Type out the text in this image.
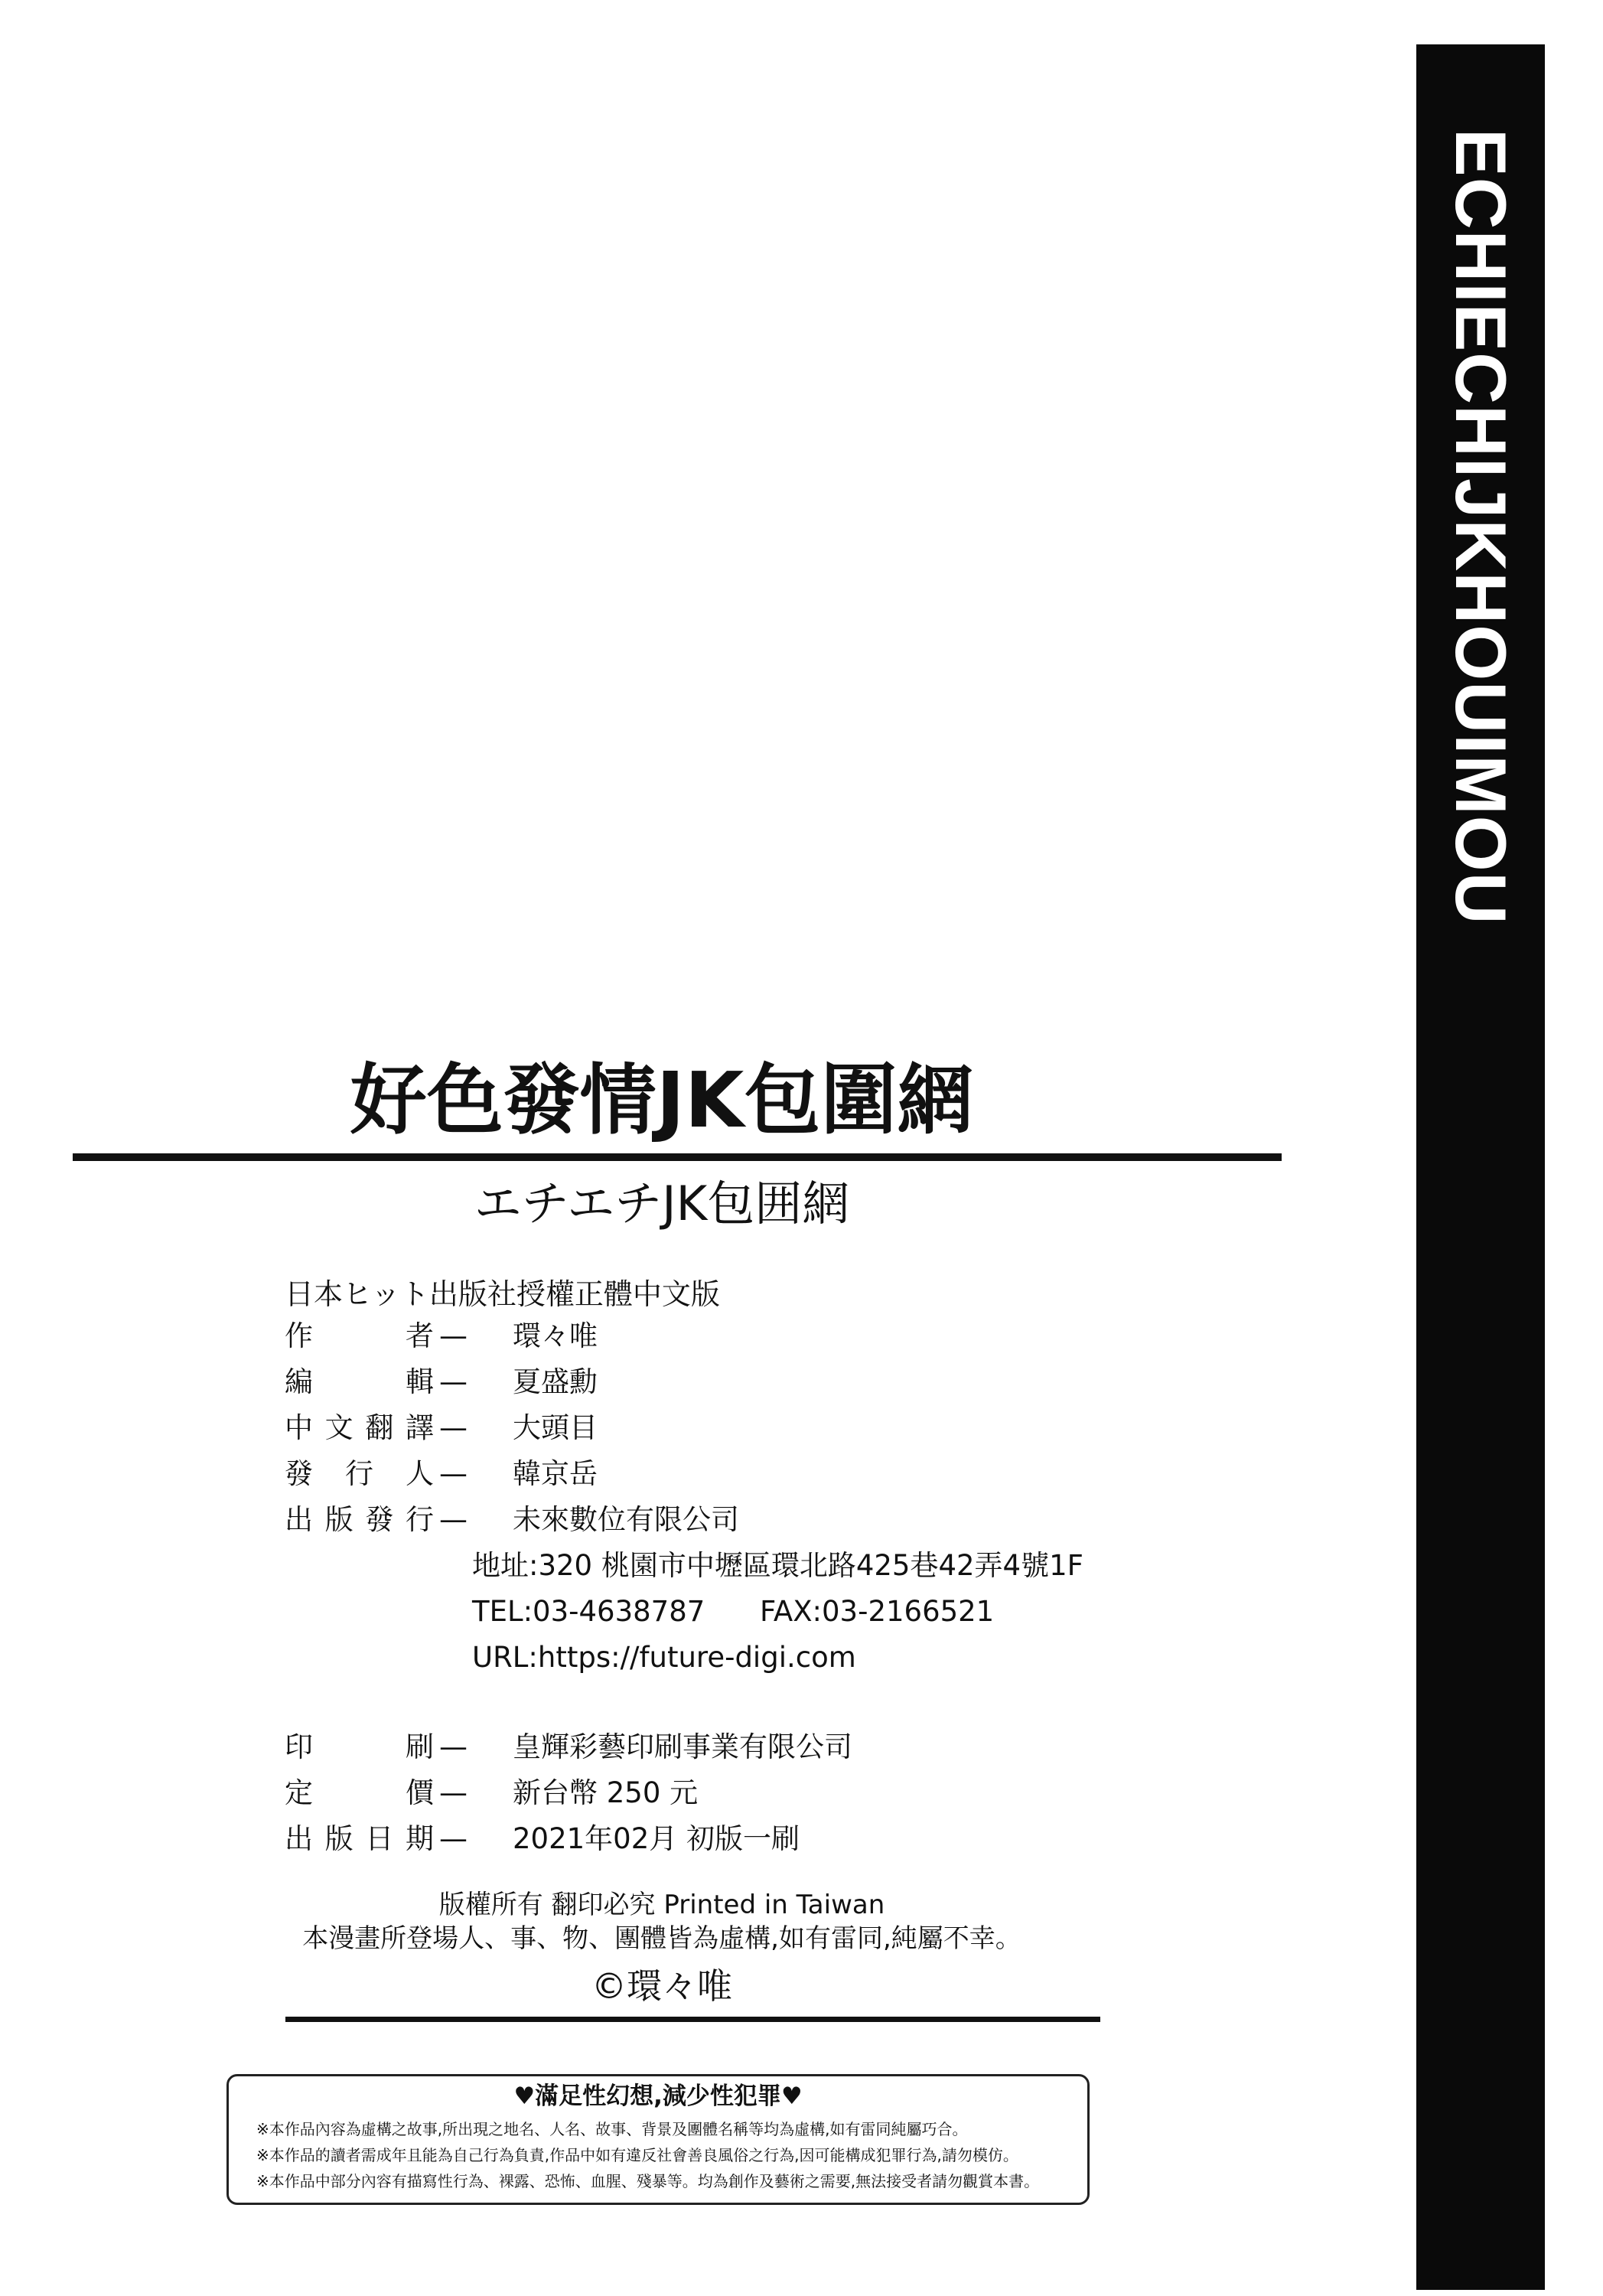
ECHIECHIJKHOUIMOU
好色發情JK包圍網
エチエチJK包囲網
日本ヒット出版社授權正體中文版
作者 — 環々唯
編輯 — 夏盛勳
中文翻譯 — 大頭目
發行人 — 韓京岳
出版發行 — 未來數位有限公司
地址:320 桃園市中壢區環北路425巷42弄4號1F
TEL:03-4638787 FAX:03-2166521
URL:https://future-digi.com
印刷 — 皇輝彩藝印刷事業有限公司
定價 — 新台幣 250 元
出版日期 — 2021年02月 初版一刷
版權所有 翻印必究 Printed in Taiwan
本漫畫所登場人、事、物、團體皆為虛構,如有雷同,純屬不幸。
©環々唯
♥滿足性幻想,減少性犯罪♥
※本作品內容為虛構之故事,所出現之地名、人名、故事、背景及團體名稱等均為虛構,如有雷同純屬巧合。
※本作品的讀者需成年且能為自己行為負責,作品中如有違反社會善良風俗之行為,因可能構成犯罪行為,請勿模仿。
※本作品中部分內容有描寫性行為、裸露、恐怖、血腥、殘暴等。均為創作及藝術之需要,無法接受者請勿觀賞本書。
